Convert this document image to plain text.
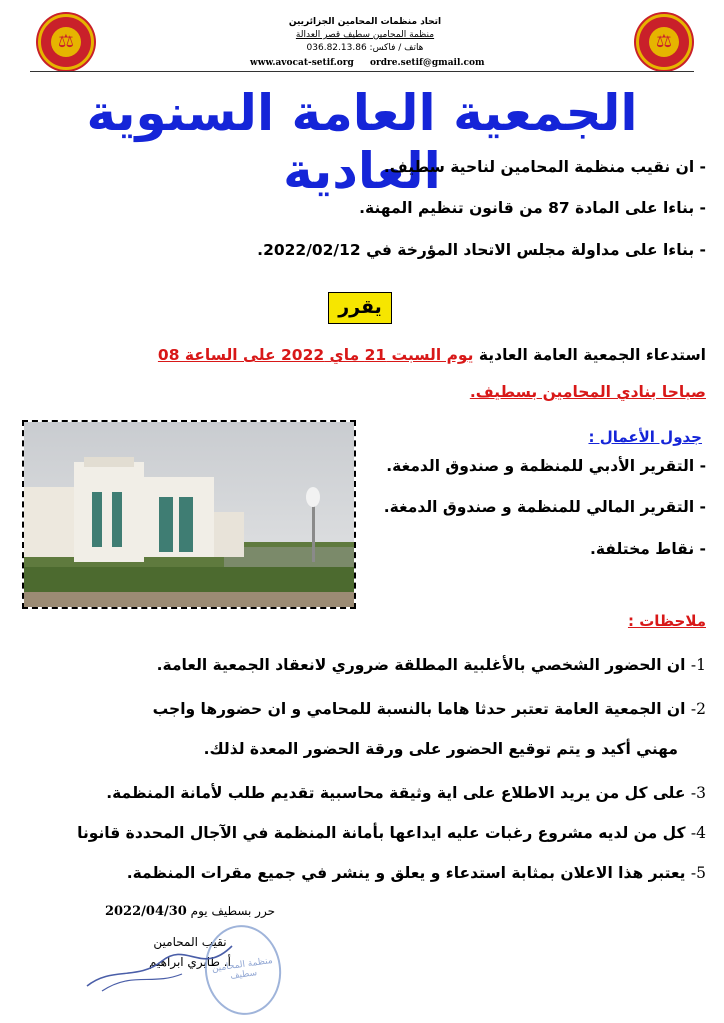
⚖	⚖
اتحاد منظمات المحامين الجزائريين
منظمة المحامين سطيف قصر العدالة
هاتف / فاكس: 036.82.13.86
www.avocat-setif.org ordre.setif@gmail.com
الجمعية العامة السنوية العادية
- ان نقيب منظمة المحامين لناحية سطيف.
- بناءا على المادة 87 من قانون تنظيم المهنة.
- بناءا على مداولة مجلس الاتحاد المؤرخة في 2022/02/12.
يقرر
استدعاء الجمعية العامة العادية يوم السبت 21 ماي 2022 على الساعة 08
صباحا بنادي المحامين بسطيف.
جدول الأعمال :
- التقرير الأدبي للمنظمة و صندوق الدمغة.
- التقرير المالي للمنظمة و صندوق الدمغة.
- نقاط مختلفة.
ملاحظات :
1- ان الحضور الشخصي بالأغلبية المطلقة ضروري لانعقاد الجمعية العامة.
2- ان الجمعية العامة تعتبر حدثا هاما بالنسبة للمحامي و ان حضورها واجب
مهني أكيد و يتم توقيع الحضور على ورقة الحضور المعدة لذلك.
3- على كل من يريد الاطلاع على اية وثيقة محاسبية تقديم طلب لأمانة المنظمة.
4- كل من لديه مشروع رغبات عليه ايداعها بأمانة المنظمة في الآجال المحددة قانونا
5- يعتبر هذا الاعلان بمثابة استدعاء و يعلق و ينشر في جميع مقرات المنظمة.
حرر بسطيف يوم 2022/04/30
نقيب المحامين
أ. طايري ابراهيم
منظمة المحامين سطيف
